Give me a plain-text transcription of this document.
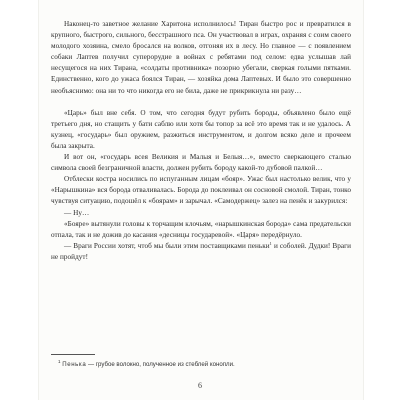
Наконец-то заветное желание Харитона исполнилось! Тиран быстро рос и превратился в крупного, быстрого, сильного, бесстрашного пса. Он участвовал в играх, охраняя с соим своего молодого хозяина, смело бросался на волков, отгоняя их в лесу. Но главное — с появлением собаки Лаптев получил суперорудие в войнах с ребятами под селом: едва услышав лай несущегося на них Тирана, «солдаты противника» позорно убегали, сверкая голыми пятками. Единственно, кого до ужаса боялся Тиран, — хозяйка дома Лаптевых. И было это совершенно необъяснимо: она ни то что никогда его не била, даже не прикрикнула ни разу…

«Царь» был вне себя. О том, что сегодня будут рубить бороды, объявлено было ещё третьего дня, но стащить у бати саблю или хотя бы топор за всё это время так и не удалось. А кузнец, «государь» был оружием, разжиться инструментом, и долгом всяко деле и прочеем была закрыта.

И вот он, «государь всея Великия и Малыя и Белыя…», вместо сверкающего сталью символа своей безграничной власти, должен рубить бороду какой-то дубовой палкой…

Отблески костра носились по испуганным лицам «бояр». Ужас был настолько велик, что у «Нарышкина» вся борода отваливалась. Борода до поклеивал он сосновой смолой. Тиран, тонко чувствуя ситуацию, подошёл к «боярам» и зарычал. «Самодержец» залез на пенёк и закурился:

— Ну…

«Бояре» вытянули головы к торчащим клочьям, «нарышкинская борода» сама предательски отпала, так и не дожив до касания «десницы государевой». «Царя» передёрнуло.

— Враги России хотят, чтоб мы были этим поставщиками пеньки$^1$ и соболей. Дудки! Враги не пройдут!

$^1$ Пенька — грубое волокно, полученное из стеблей конопли.
6
